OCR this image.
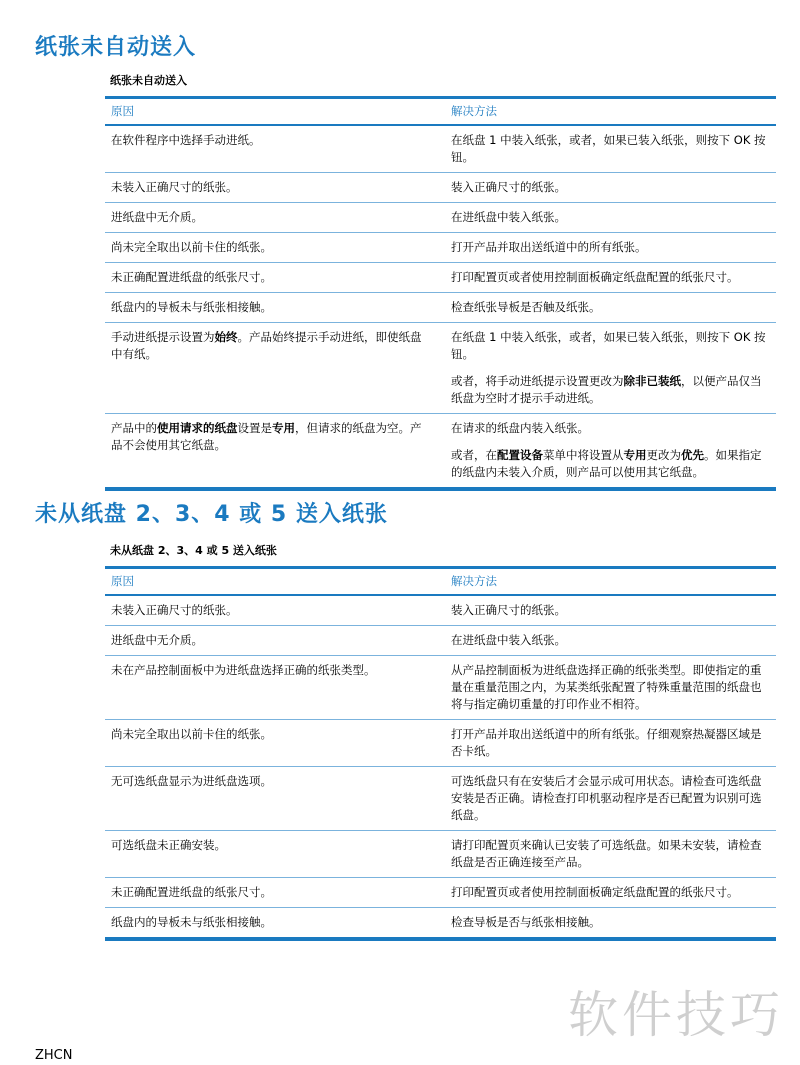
纸张未自动送入
纸张未自动送入
原因	解决方法
在软件程序中选择手动进纸。	在纸盘 1 中装入纸张，或者，如果已装入纸张，则按下 OK 按钮。

未装入正确尺寸的纸张。	装入正确尺寸的纸张。

进纸盘中无介质。	在进纸盘中装入纸张。

尚未完全取出以前卡住的纸张。	打开产品并取出送纸道中的所有纸张。

未正确配置进纸盘的纸张尺寸。	打印配置页或者使用控制面板确定纸盘配置的纸张尺寸。

纸盘内的导板未与纸张相接触。	检查纸张导板是否触及纸张。

手动进纸提示设置为始终。产品始终提示手动进纸，即使纸盘中有纸。	在纸盘 1 中装入纸张，或者，如果已装入纸张，则按下 OK 按钮。
或者，将手动进纸提示设置更改为除非已装纸，以便产品仅当纸盘为空时才提示手动进纸。

产品中的使用请求的纸盘设置是专用，但请求的纸盘为空。产品不会使用其它纸盘。	在请求的纸盘内装入纸张。
或者，在配置设备菜单中将设置从专用更改为优先。如果指定的纸盘内未装入介质，则产品可以使用其它纸盘。
未从纸盘 2、3、4 或 5 送入纸张
未从纸盘 2、3、4 或 5 送入纸张
原因	解决方法
未装入正确尺寸的纸张。	装入正确尺寸的纸张。

进纸盘中无介质。	在进纸盘中装入纸张。

未在产品控制面板中为进纸盘选择正确的纸张类型。	从产品控制面板为进纸盘选择正确的纸张类型。即使指定的重量在重量范围之内，为某类纸张配置了特殊重量范围的纸盘也将与指定确切重量的打印作业不相符。

尚未完全取出以前卡住的纸张。	打开产品并取出送纸道中的所有纸张。仔细观察热凝器区域是否卡纸。

无可选纸盘显示为进纸盘选项。	可选纸盘只有在安装后才会显示成可用状态。请检查可选纸盘安装是否正确。请检查打印机驱动程序是否已配置为识别可选纸盘。

可选纸盘未正确安装。	请打印配置页来确认已安装了可选纸盘。如果未安装，请检查纸盘是否正确连接至产品。

未正确配置进纸盘的纸张尺寸。	打印配置页或者使用控制面板确定纸盘配置的纸张尺寸。

纸盘内的导板未与纸张相接触。	检查导板是否与纸张相接触。
软件技巧
ZHCN
